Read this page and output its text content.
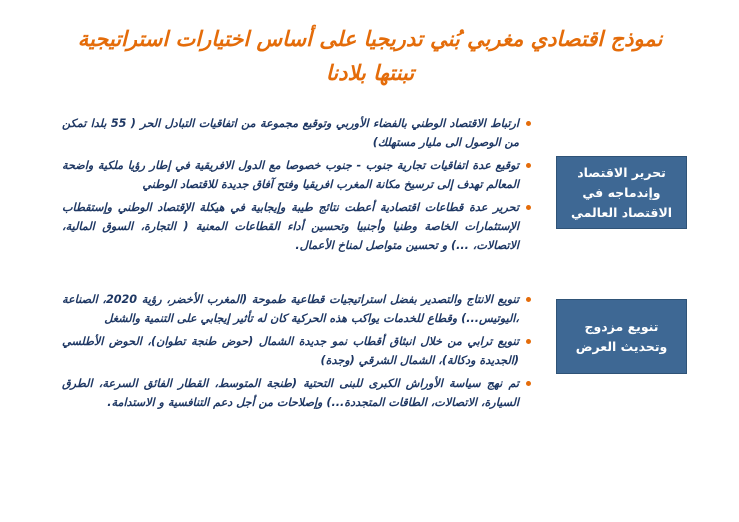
نموذج اقتصادي مغربي بُني تدريجيا على أساس اختيارات استراتيجية
تبنتها بلادنا
ارتباط الاقتصاد الوطني بالفضاء الأوربي وتوقيع مجموعة من اتفاقيات التبادل الحر ( 55 بلدا تمكن من الوصول الى مليار مستهلك)
توقيع عدة اتفاقيات تجارية جنوب - جنوب خصوصا مع الدول الافريقية في إطار رؤيا ملكية واضحة المعالم تهدف إلى ترسيخ مكانة المغرب افريقيا وفتح آفاق جديدة للاقتصاد الوطني
تحرير عدة قطاعات اقتصادية أعطت نتائج طيبة وإيجابية في هيكلة الإقتصاد الوطني وإستقطاب الإستثمارات الخاصة وطنيا وأجنبيا وتحسين أداء القطاعات المعنية ( التجارة، السوق المالية، الاتصالات، ...) و تحسين متواصل لمناخ الأعمال.
تحرير الاقتصاد وإندماجه في الاقتصاد العالمي
تنويع الانتاج والتصدير بفضل استراتيجيات قطاعية طموحة (المغرب الأخضر، رؤية 2020، الصناعة ،اليوتيس...) وقطاع للخدمات يواكب هذه الحركية كان له تأثير إيجابي على التنمية والشغل
تنويع ترابي من خلال انبثاق أقطاب نمو جديدة الشمال (حوض طنجة تطوان)، الحوض الأطلسي (الجديدة ودكالة)، الشمال الشرقي (وجدة)
تم نهج سياسة الأوراش الكبرى للبنى التحتية (طنجة المتوسط، القطار الفائق السرعة، الطرق السيارة، الاتصالات، الطاقات المتجددة...) وإصلاحات من أجل دعم التنافسية و الاستدامة.
تنويع مزدوج وتحديث العرض
